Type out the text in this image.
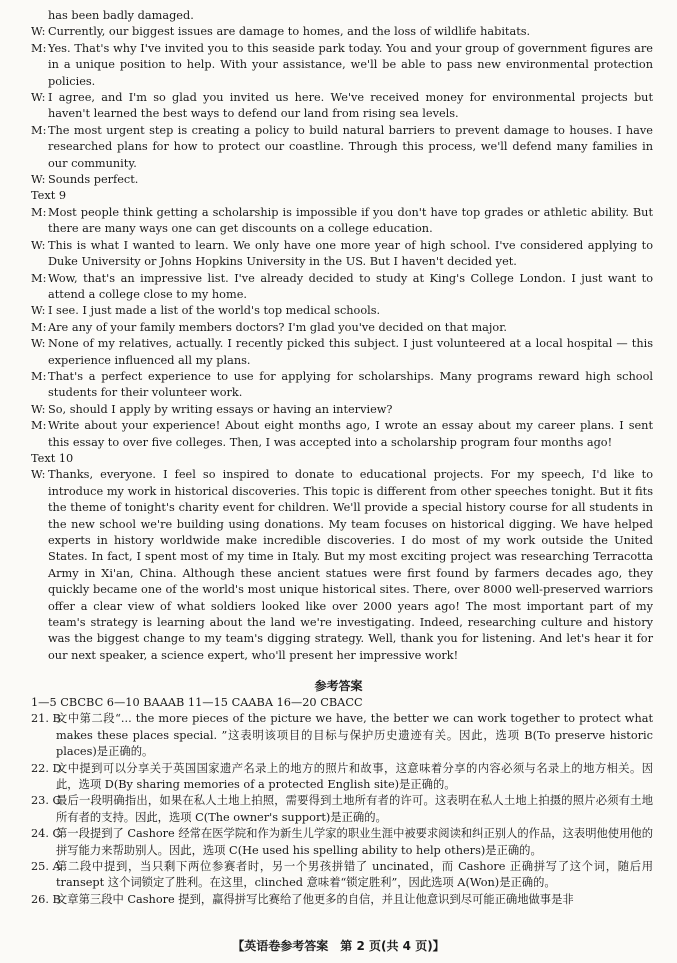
has been badly damaged.
W: Currently, our biggest issues are damage to homes, and the loss of wildlife habitats.
M: Yes. That's why I've invited you to this seaside park today. You and your group of government figures are in a unique position to help. With your assistance, we'll be able to pass new environmental protection policies.
W: I agree, and I'm so glad you invited us here. We've received money for environmental projects but haven't learned the best ways to defend our land from rising sea levels.
M: The most urgent step is creating a policy to build natural barriers to prevent damage to houses. I have researched plans for how to protect our coastline. Through this process, we'll defend many families in our community.
W: Sounds perfect.
Text 9
M: Most people think getting a scholarship is impossible if you don't have top grades or athletic ability. But there are many ways one can get discounts on a college education.
W: This is what I wanted to learn. We only have one more year of high school. I've considered applying to Duke University or Johns Hopkins University in the US. But I haven't decided yet.
M: Wow, that's an impressive list. I've already decided to study at King's College London. I just want to attend a college close to my home.
W: I see. I just made a list of the world's top medical schools.
M: Are any of your family members doctors? I'm glad you've decided on that major.
W: None of my relatives, actually. I recently picked this subject. I just volunteered at a local hospital — this experience influenced all my plans.
M: That's a perfect experience to use for applying for scholarships. Many programs reward high school students for their volunteer work.
W: So, should I apply by writing essays or having an interview?
M: Write about your experience! About eight months ago, I wrote an essay about my career plans. I sent this essay to over five colleges. Then, I was accepted into a scholarship program four months ago!
Text 10
W: Thanks, everyone. I feel so inspired to donate to educational projects. For my speech, I'd like to introduce my work in historical discoveries. This topic is different from other speeches tonight. But it fits the theme of tonight's charity event for children. We'll provide a special history course for all students in the new school we're building using donations. My team focuses on historical digging. We have helped experts in history worldwide make incredible discoveries. I do most of my work outside the United States. In fact, I spent most of my time in Italy. But my most exciting project was researching Terracotta Army in Xi'an, China. Although these ancient statues were first found by farmers decades ago, they quickly became one of the world's most unique historical sites. There, over 8000 well-preserved warriors offer a clear view of what soldiers looked like over 2000 years ago! The most important part of my team's strategy is learning about the land we're investigating. Indeed, researching culture and history was the biggest change to my team's digging strategy. Well, thank you for listening. And let's hear it for our next speaker, a science expert, who'll present her impressive work!
参考答案
1—5 CBCBC 6—10 BAAAB 11—15 CAABA 16—20 CBACC
21. B
文中第二段“... the more pieces of the picture we have, the better we can work together to protect what makes these places special. ”这表明该项目的目标与保护历史遗迹有关。因此，选项 B(To preserve historic places)是正确的。
22. D
文中提到可以分享关于英国国家遗产名录上的地方的照片和故事，这意味着分享的内容必须与名录上的地方相关。因此，选项 D(By sharing memories of a protected English site)是正确的。
23. C
最后一段明确指出，如果在私人土地上拍照，需要得到土地所有者的许可。这表明在私人土地上拍摄的照片必须有土地所有者的支持。因此，选项 C(The owner's support)是正确的。
24. C
第一段提到了 Cashore 经常在医学院和作为新生儿学家的职业生涯中被要求阅读和纠正别人的作品，这表明他使用他的拼写能力来帮助别人。因此，选项 C(He used his spelling ability to help others)是正确的。
25. A
第二段中提到，当只剩下两位参赛者时，另一个男孩拼错了 uncinated，而 Cashore 正确拼写了这个词，随后用 transept 这个词锁定了胜利。在这里，clinched 意味着“锁定胜利”，因此选项 A(Won)是正确的。
26. B
文章第三段中 Cashore 提到，赢得拼写比赛给了他更多的自信，并且让他意识到尽可能正确地做事是非
【英语卷参考答案　第 2 页(共 4 页)】
